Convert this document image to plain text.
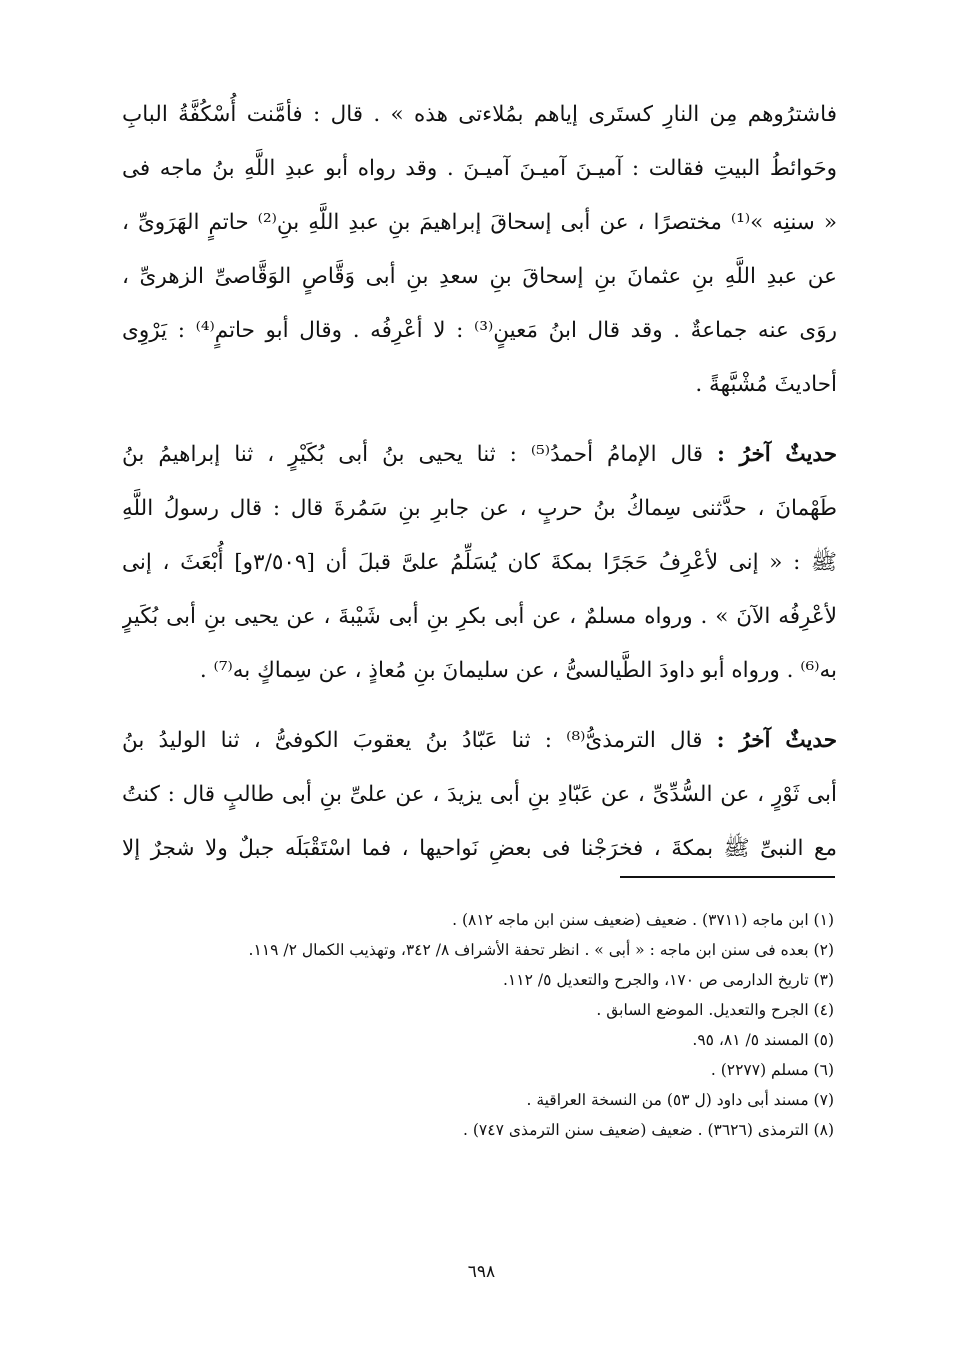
فاشترُوهم مِن النارِ كستَرى إياهم بمُلاءتى هذه » . قال : فأمَّنت أُسْكُفَّةُ البابِ
وحَوائطُ البيتِ فقالت : آميـنَ آميـنَ آميـنَ . وقد رواه أبو عبدِ اللَّهِ بنُ ماجه فى
« سننِه »⁽¹⁾ مختصرًا ، عن أبى إسحاقَ إبراهيمَ بنِ عبدِ اللَّهِ بنِ⁽²⁾ حاتمٍ الهَرَوىِّ ،
عن عبدِ اللَّهِ بنِ عثمانَ بنِ إسحاقَ بنِ سعدِ بنِ أبى وَقَّاصٍ الوَقَّاصىِّ الزهرىِّ ،
روَى عنه جماعةٌ . وقد قال ابنُ مَعينٍ⁽³⁾ : لا أعْرِفُه . وقال أبو حاتمٍ⁽⁴⁾ : يَرْوِى
أحاديثَ مُشْبَّهةً .
حديثٌ آخرُ : قال الإمامُ أحمدُ⁽⁵⁾ : ثنا يحيى بنُ أبى بُكَيْرٍ ، ثنا إبراهيمُ بنُ
طَهْمانَ ، حدَّثنى سِماكُ بنُ حربٍ ، عن جابرِ بنِ سَمُرةَ قال : قال رسولُ اللَّهِ
ﷺ : « إنى لأعْرِفُ حَجَرًا بمكةَ كان يُسَلِّمُ علىَّ قبلَ أن [٣/٥٠٩و] أُبْعَثَ ، إنى
لأعْرِفُه الآنَ » . ورواه مسلمٌ ، عن أبى بكرِ بنِ أبى شَيْبةَ ، عن يحيى بنِ أبى بُكَيرٍ
به⁽⁶⁾ . ورواه أبو داودَ الطَّيالسىُّ ، عن سليمانَ بنِ مُعاذٍ ، عن سِماكٍ به⁽⁷⁾ .
حديثٌ آخرُ : قال الترمذىُّ⁽⁸⁾ : ثنا عَبّادُ بنُ يعقوبَ الكوفىُّ ، ثنا الوليدُ بنُ
أبى ثَوْرٍ ، عن السُّدِّىِّ ، عن عَبّادِ بنِ أبى يزيدَ ، عن علىِّ بنِ أبى طالبٍ قال : كنتُ
مع النبىِّ ﷺ بمكةَ ، فخرَجْنا فى بعضِ نَواحيها ، فما اسْتَقْبَلَه جبلٌ ولا شجرٌ إلا
(١) ابن ماجه (٣٧١١) . ضعيف (ضعيف سنن ابن ماجه ٨١٢) .
(٢) بعده فى سنن ابن ماجه : « أبى » . انظر تحفة الأشراف ٨/ ٣٤٢، وتهذيب الكمال ٢/ ١١٩.
(٣) تاريخ الدارمى ص ١٧٠، والجرح والتعديل ٥/ ١١٢.
(٤) الجرح والتعديل. الموضع السابق .
(٥) المسند ٥/ ٨١، ٩٥.
(٦) مسلم (٢٢٧٧) .
(٧) مسند أبى داود (ل ٥٣) من النسخة العراقية .
(٨) الترمذى (٣٦٢٦) . ضعيف (ضعيف سنن الترمذى ٧٤٧) .
٦٩٨
